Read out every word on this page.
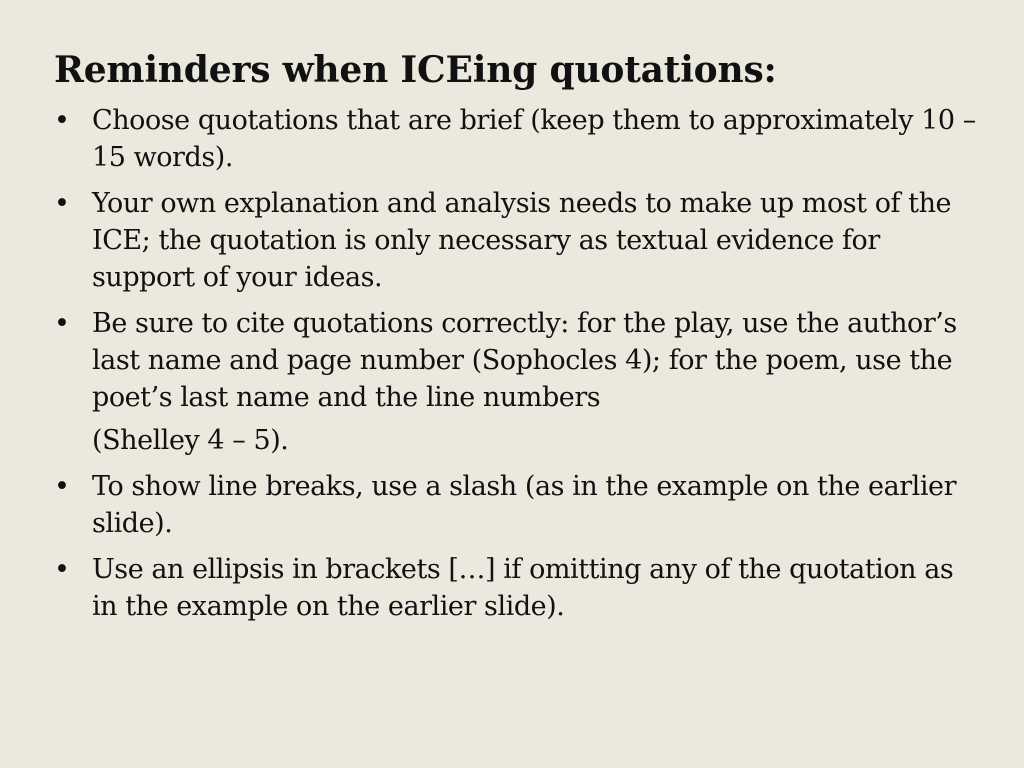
Reminders when ICEing quotations:
• Choose quotations that are brief (keep them to approximately 10 – 15 words).
• Your own explanation and analysis needs to make up most of the ICE; the quotation is only necessary as textual evidence for support of your ideas.
• Be sure to cite quotations correctly: for the play, use the author’s last name and page number (Sophocles 4); for the poem, use the poet’s last name and the line numbers
(Shelley 4 – 5).
• To show line breaks, use a slash (as in the example on the earlier slide).
• Use an ellipsis in brackets […] if omitting any of the quotation as in the example on the earlier slide).
